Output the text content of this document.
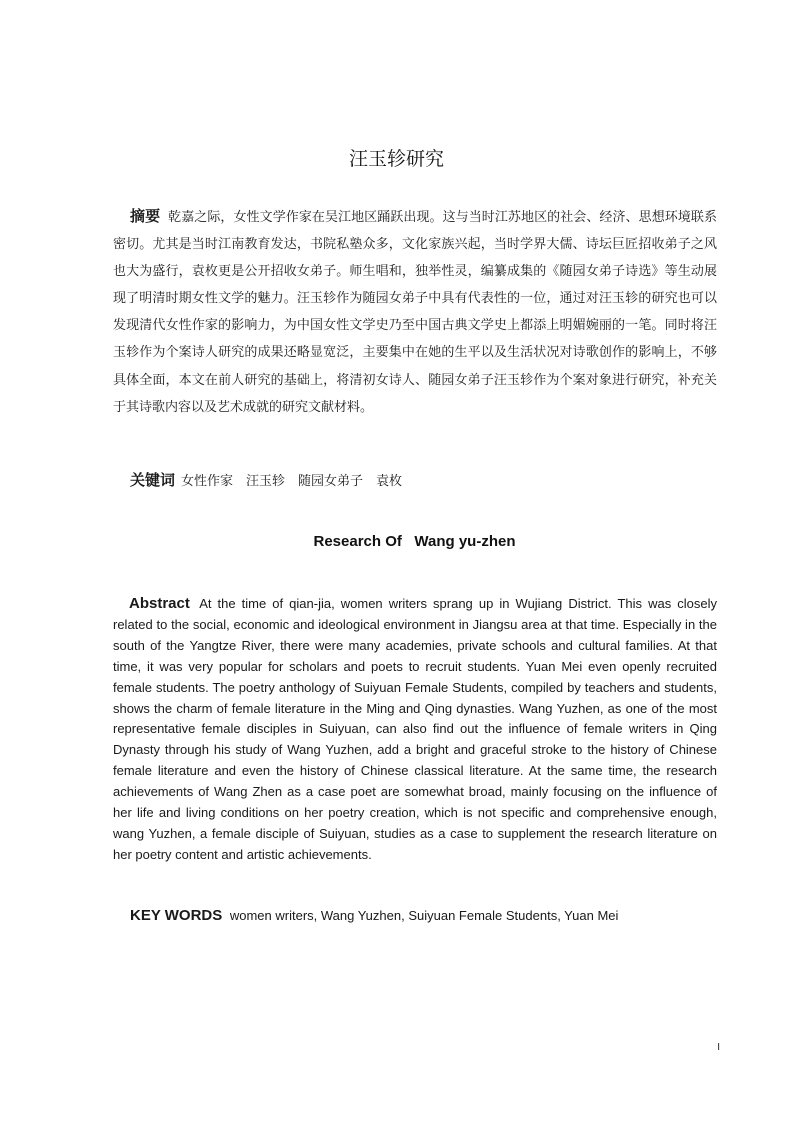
汪玉轸研究

摘要 乾嘉之际，女性文学作家在吴江地区踊跃出现。这与当时江苏地区的社会、经济、思想环境联系密切。尤其是当时江南教育发达，书院私塾众多，文化家族兴起，当时学界大儒、诗坛巨匠招收弟子之风也大为盛行，袁枚更是公开招收女弟子。师生唱和，独举性灵，编纂成集的《随园女弟子诗选》等生动展现了明清时期女性文学的魅力。汪玉轸作为随园女弟子中具有代表性的一位，通过对汪玉轸的研究也可以发现清代女性作家的影响力，为中国女性文学史乃至中国古典文学史上都添上明媚婉丽的一笔。同时将汪玉轸作为个案诗人研究的成果还略显宽泛，主要集中在她的生平以及生活状况对诗歌创作的影响上，不够具体全面，本文在前人研究的基础上，将清初女诗人、随园女弟子汪玉轸作为个案对象进行研究，补充关于其诗歌内容以及艺术成就的研究文献材料。

关键词 女性作家　汪玉轸　随园女弟子　袁枚

Research Of   Wang yu-zhen

Abstract At the time of qian-jia, women writers sprang up in Wujiang District. This was closely related to the social, economic and ideological environment in Jiangsu area at that time. Especially in the south of the Yangtze River, there were many academies, private schools and cultural families. At that time, it was very popular for scholars and poets to recruit students. Yuan Mei even openly recruited female students. The poetry anthology of Suiyuan Female Students, compiled by teachers and students, shows the charm of female literature in the Ming and Qing dynasties. Wang Yuzhen, as one of the most representative female disciples in Suiyuan, can also find out the influence of female writers in Qing Dynasty through his study of Wang Yuzhen, add a bright and graceful stroke to the history of Chinese female literature and even the history of Chinese classical literature. At the same time, the research achievements of Wang Zhen as a case poet are somewhat broad, mainly focusing on the influence of her life and living conditions on her poetry creation, which is not specific and comprehensive enough, wang Yuzhen, a female disciple of Suiyuan, studies as a case to supplement the research literature on her poetry content and artistic achievements.

KEY WORDS women writers, Wang Yuzhen, Suiyuan Female Students, Yuan Mei

I
